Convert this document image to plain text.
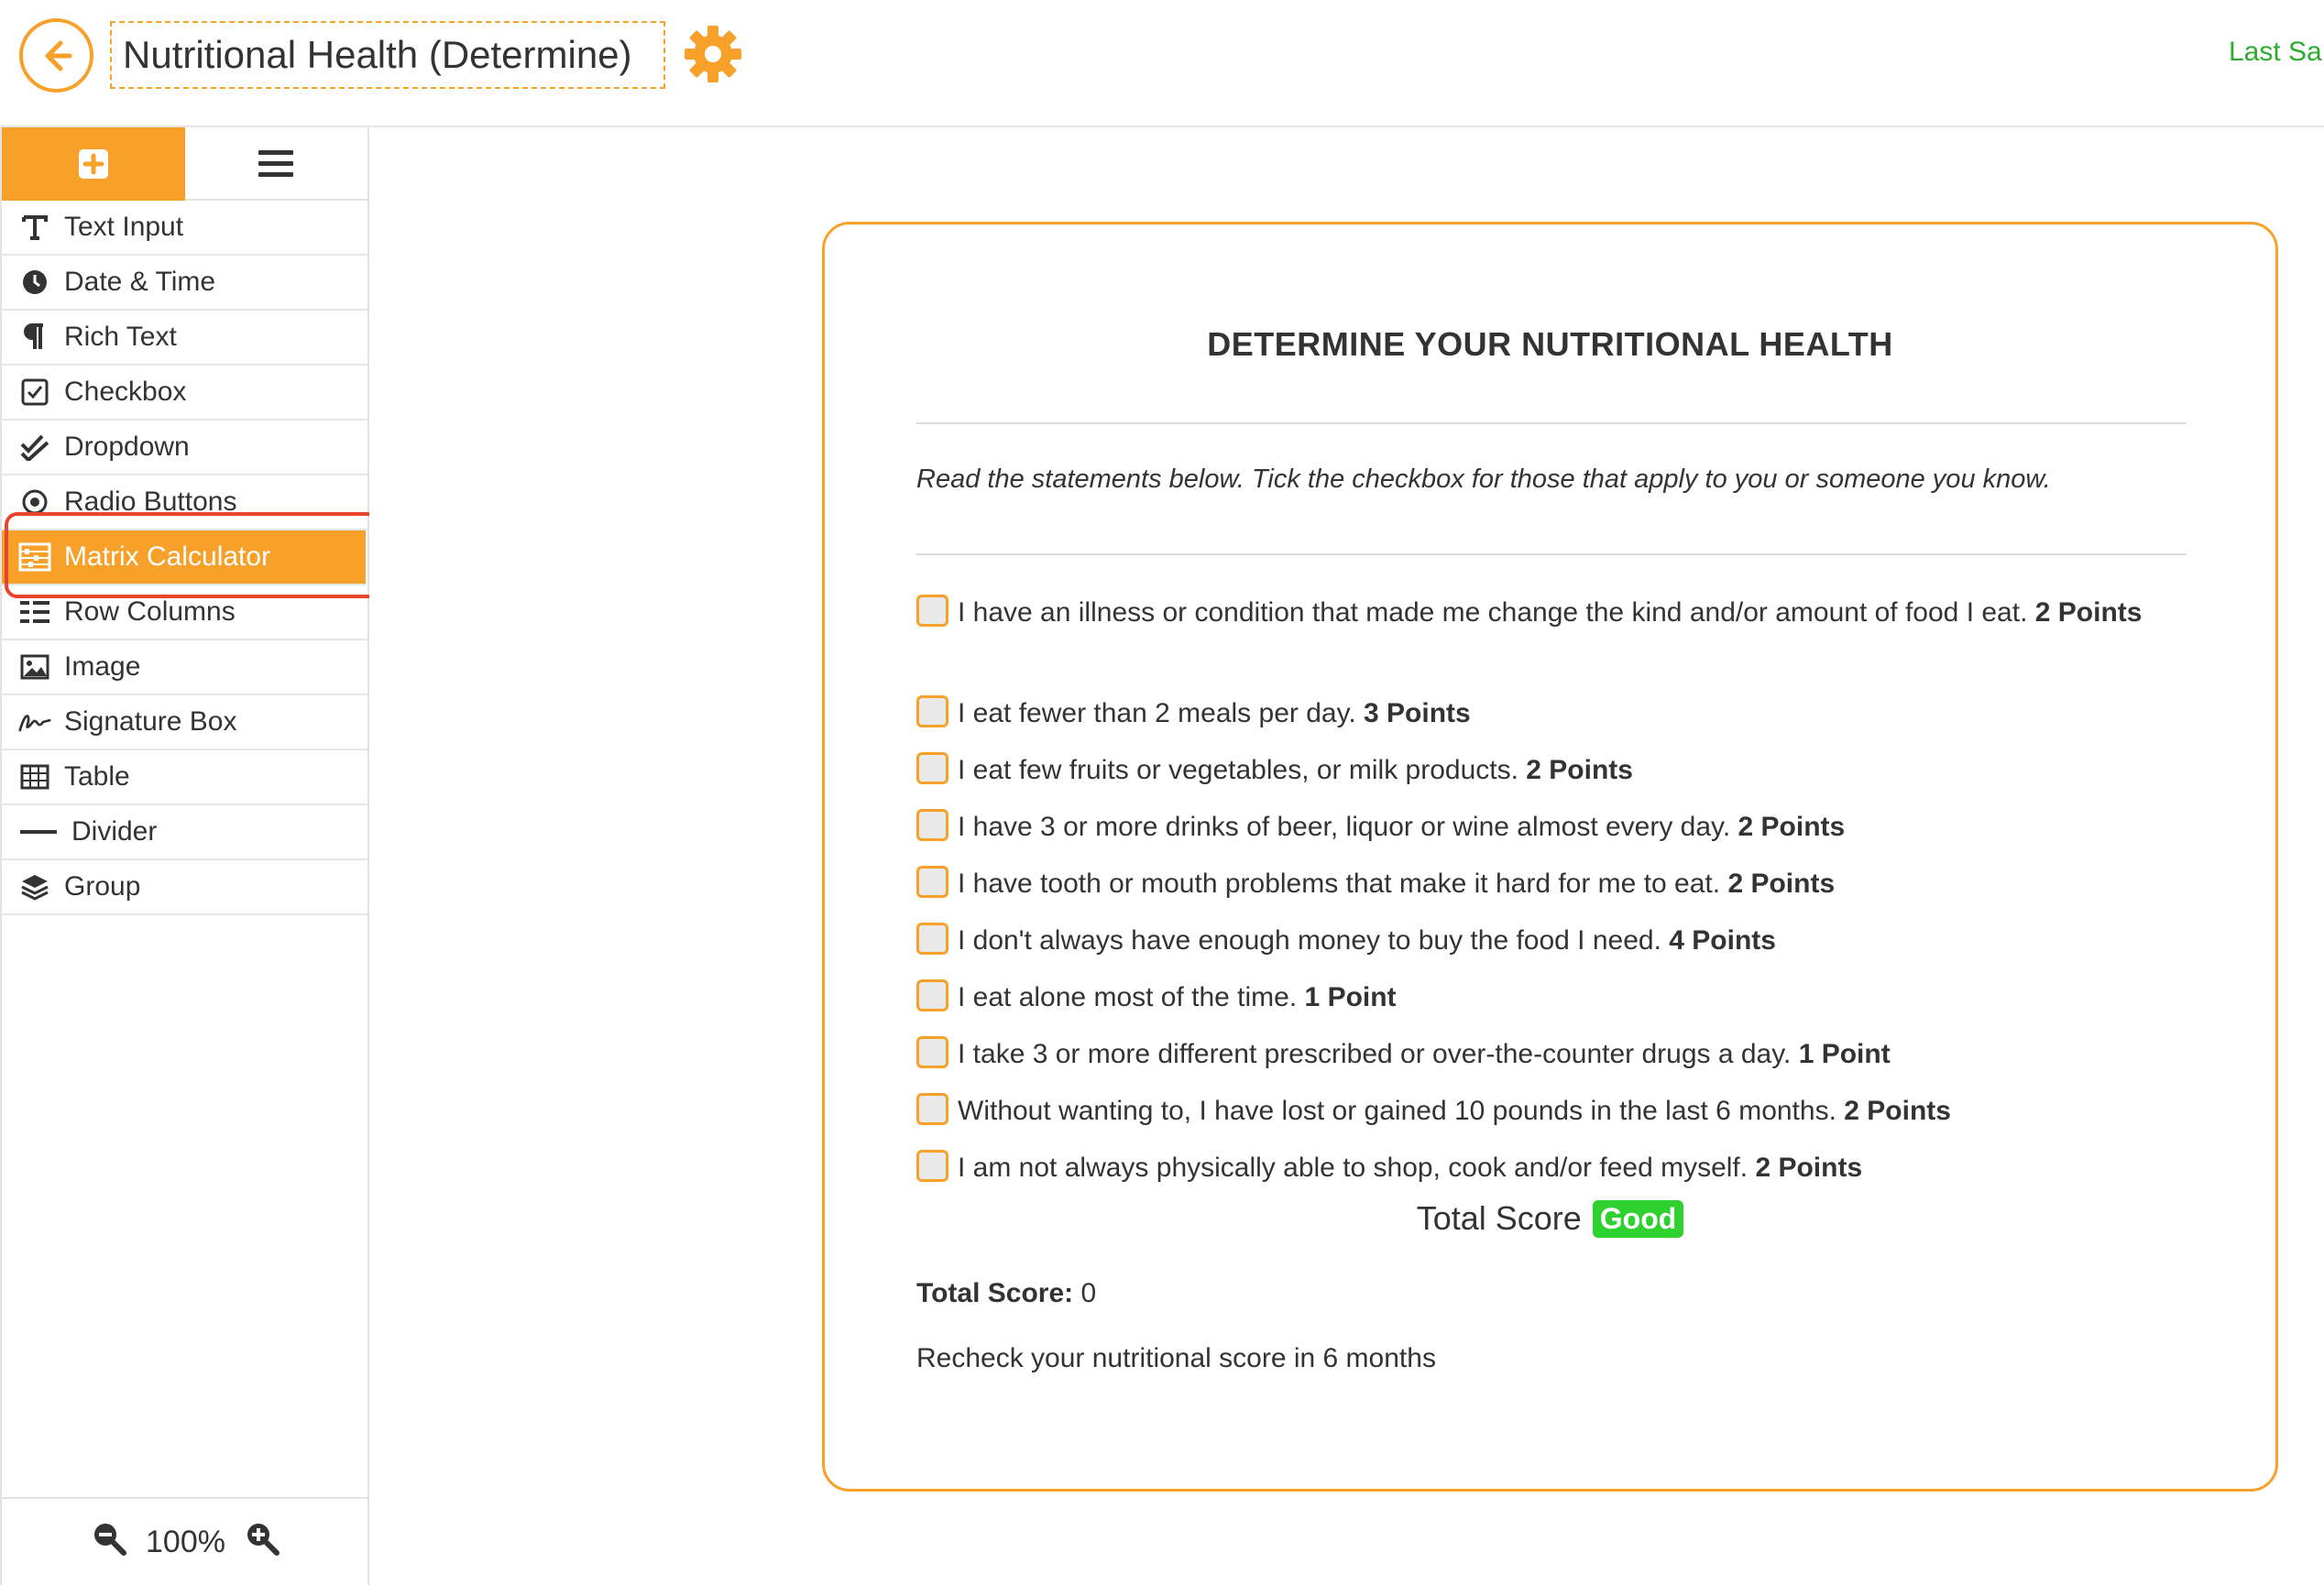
Nutritional Health (Determine)	Last Sa
Text Input
Date & Time
Rich Text
Checkbox
Dropdown
Radio Buttons
Matrix Calculator
Row Columns
Image
Signature Box
Table
Divider
Group
100%
DETERMINE YOUR NUTRITIONAL HEALTH
Read the statements below. Tick the checkbox for those that apply to you or someone you know.
I have an illness or condition that made me change the kind and/or amount of food I eat. 2 Points
I eat fewer than 2 meals per day. 3 Points
I eat few fruits or vegetables, or milk products. 2 Points
I have 3 or more drinks of beer, liquor or wine almost every day. 2 Points
I have tooth or mouth problems that make it hard for me to eat. 2 Points
I don't always have enough money to buy the food I need. 4 Points
I eat alone most of the time. 1 Point
I take 3 or more different prescribed or over-the-counter drugs a day. 1 Point
Without wanting to, I have lost or gained 10 pounds in the last 6 months. 2 Points
I am not always physically able to shop, cook and/or feed myself. 2 Points
Total Score Good
Total Score: 0
Recheck your nutritional score in 6 months
